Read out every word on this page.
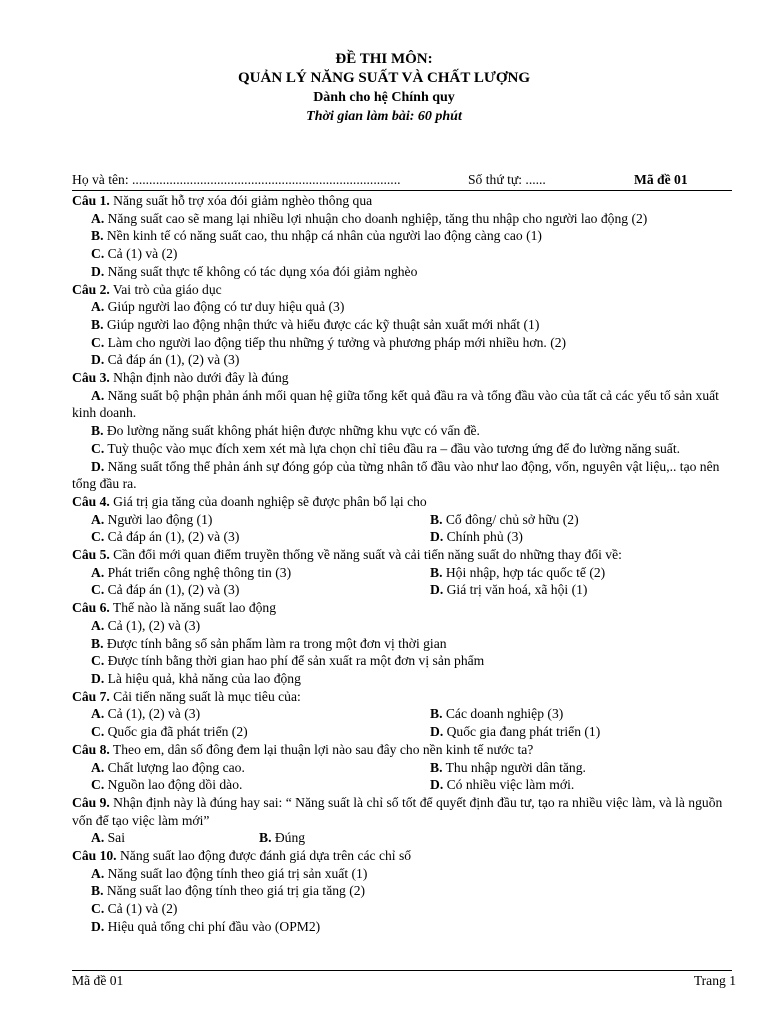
ĐỀ THI MÔN:
QUẢN LÝ NĂNG SUẤT VÀ CHẤT LƯỢNG
Dành cho hệ Chính quy
Thời gian làm bài: 60 phút
Họ và tên: ...............................................................................	Số thứ tự: ......	Mã đề 01
Câu 1. Năng suất hỗ trợ xóa đói giảm nghèo thông qua
A. Năng suất cao sẽ mang lại nhiều lợi nhuận cho doanh nghiệp, tăng thu nhập cho người lao động (2)
B. Nền kinh tế có năng suất cao, thu nhập cá nhân của người lao động càng cao (1)
C. Cả (1) và (2)
D. Năng suất thực tế không có tác dụng xóa đói giảm nghèo
Câu 2. Vai trò của giáo dục
A. Giúp người lao động có tư duy hiệu quả (3)
B. Giúp người lao động nhận thức và hiểu được các kỹ thuật sản xuất mới nhất (1)
C. Làm cho người lao động tiếp thu những ý tưởng và phương pháp mới nhiều hơn. (2)
D. Cả đáp án (1), (2) và (3)
Câu 3. Nhận định nào dưới đây là đúng
A. Năng suất bộ phận phản ánh mối quan hệ giữa tổng kết quả đầu ra và tổng đầu vào của tất cả các yếu tố sản xuất kinh doanh.
B. Đo lường năng suất không phát hiện được những khu vực có vấn đề.
C. Tuỳ thuộc vào mục đích xem xét mà lựa chọn chỉ tiêu đầu ra – đầu vào tương ứng để đo lường năng suất.
D. Năng suất tổng thể phản ánh sự đóng góp của từng nhân tố đầu vào như lao động, vốn, nguyên vật liệu,.. tạo nên tổng đầu ra.
Câu 4. Giá trị gia tăng của doanh nghiệp sẽ được phân bổ lại cho
A. Người lao động (1)	B. Cổ đông/ chủ sở hữu (2)
C. Cả đáp án (1), (2) và (3)	D. Chính phủ (3)
Câu 5. Cần đổi mới quan điểm truyền thống về năng suất và cải tiến năng suất do những thay đổi về:
A. Phát triển công nghệ thông tin (3)	B. Hội nhập, hợp tác quốc tế (2)
C. Cả đáp án (1), (2) và (3)	D. Giá trị văn hoá, xã hội (1)
Câu 6. Thế nào là năng suất lao động
A. Cả (1), (2) và (3)
B. Được tính bằng số sản phẩm làm ra trong một đơn vị thời gian
C. Được tính bằng thời gian hao phí để sản xuất ra một đơn vị sản phẩm
D. Là hiệu quả, khả năng của lao động
Câu 7. Cải tiến năng suất là mục tiêu của:
A. Cả (1), (2) và (3)	B. Các doanh nghiệp (3)
C. Quốc gia đã phát triển (2)	D. Quốc gia đang phát triển (1)
Câu 8. Theo em, dân số đông đem lại thuận lợi nào sau đây cho nền kinh tế nước ta?
A. Chất lượng lao động cao.	B. Thu nhập người dân tăng.
C. Nguồn lao động dồi dào.	D. Có nhiều việc làm mới.
Câu 9. Nhận định này là đúng hay sai: “ Năng suất là chỉ số tốt để quyết định đầu tư, tạo ra nhiều việc làm, và là nguồn vốn để tạo việc làm mới”
A. Sai	B. Đúng
Câu 10. Năng suất lao động được đánh giá dựa trên các chỉ số
A. Năng suất lao động tính theo giá trị sản xuất (1)
B. Năng suất lao động tính theo giá trị gia tăng (2)
C. Cả (1) và (2)
D. Hiệu quả tổng chi phí đầu vào (OPM2)
Mã đề 01	Trang 1
